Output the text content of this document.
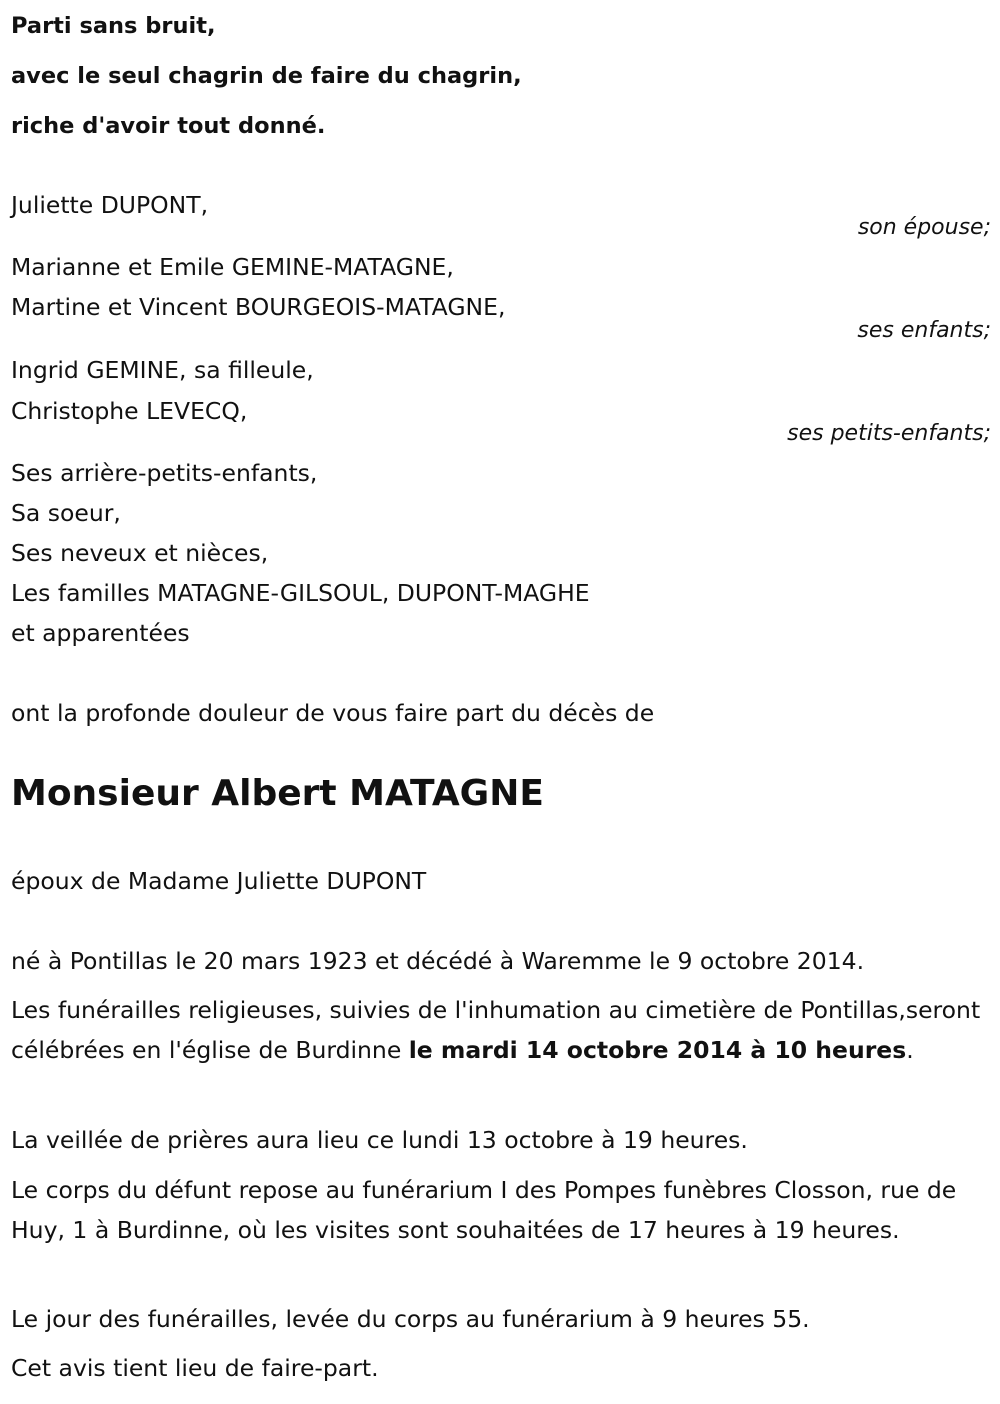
Parti sans bruit,
avec le seul chagrin de faire du chagrin,
riche d'avoir tout donné.
Juliette DUPONT,
son épouse;
Marianne et Emile GEMINE-MATAGNE,
Martine et Vincent BOURGEOIS-MATAGNE,
ses enfants;
Ingrid GEMINE, sa filleule,
Christophe LEVECQ,
ses petits-enfants;
Ses arrière-petits-enfants,
Sa soeur,
Ses neveux et nièces,
Les familles MATAGNE-GILSOUL, DUPONT-MAGHE
et apparentées
ont la profonde douleur de vous faire part du décès de
Monsieur Albert MATAGNE
époux de Madame Juliette DUPONT
né à Pontillas le 20 mars 1923 et décédé à Waremme le 9 octobre 2014.
Les funérailles religieuses, suivies de l'inhumation au cimetière de Pontillas,seront célébrées en l'église de Burdinne le mardi 14 octobre 2014 à 10 heures.
La veillée de prières aura lieu ce lundi 13 octobre à 19 heures.
Le corps du défunt repose au funérarium I des Pompes funèbres Closson, rue de Huy, 1 à Burdinne, où les visites sont souhaitées de 17 heures à 19 heures.
Le jour des funérailles, levée du corps au funérarium à 9 heures 55.
Cet avis tient lieu de faire-part.
